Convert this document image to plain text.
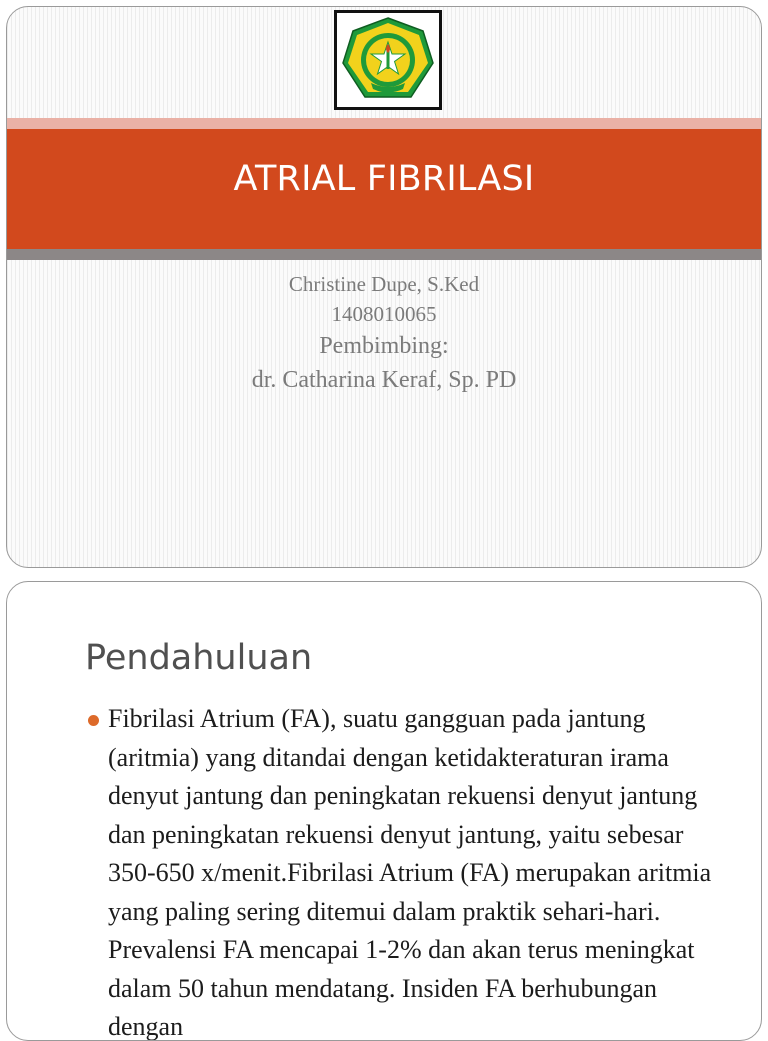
ATRIAL FIBRILASI
Christine Dupe, S.Ked
1408010065
Pembimbing:
dr. Catharina Keraf, Sp. PD
Pendahuluan
Fibrilasi Atrium (FA), suatu gangguan pada jantung (aritmia) yang ditandai dengan ketidakteraturan irama denyut jantung dan peningkatan rekuensi denyut jantung dan peningkatan rekuensi denyut jantung, yaitu sebesar 350-650 x/menit.Fibrilasi Atrium (FA) merupakan aritmia yang paling sering ditemui dalam praktik sehari-hari. Prevalensi FA mencapai 1-2% dan akan terus meningkat dalam 50 tahun mendatang. Insiden FA berhubungan dengan
